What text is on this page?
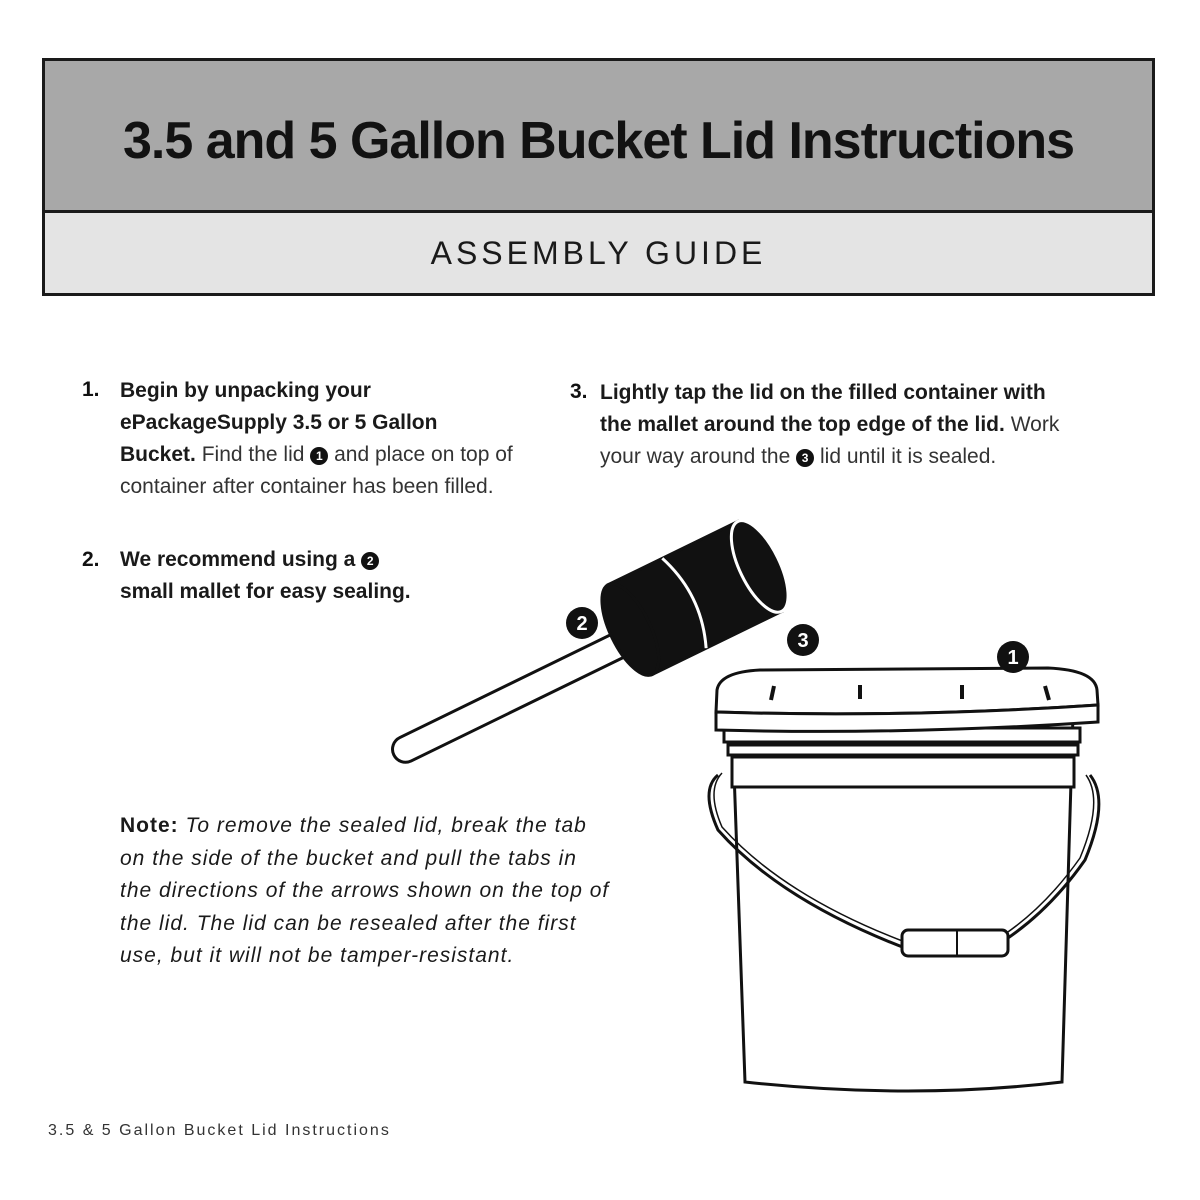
3.5 and 5 Gallon Bucket Lid Instructions
ASSEMBLY GUIDE
1. Begin by unpacking your
ePackageSupply 3.5 or 5 Gallon
Bucket. Find the lid 1 and place on top of
container after container has been filled.
2. We recommend using a 2
small mallet for easy sealing.
3. Lightly tap the lid on the filled container with
the mallet around the top edge of the lid. Work
your way around the 3 lid until it is sealed.
2
3
1
Note: To remove the sealed lid, break the tab on the side of the bucket and pull the tabs in the directions of the arrows shown on the top of the lid. The lid can be resealed after the first use, but it will not be tamper-resistant.
3.5 & 5 Gallon Bucket Lid Instructions
